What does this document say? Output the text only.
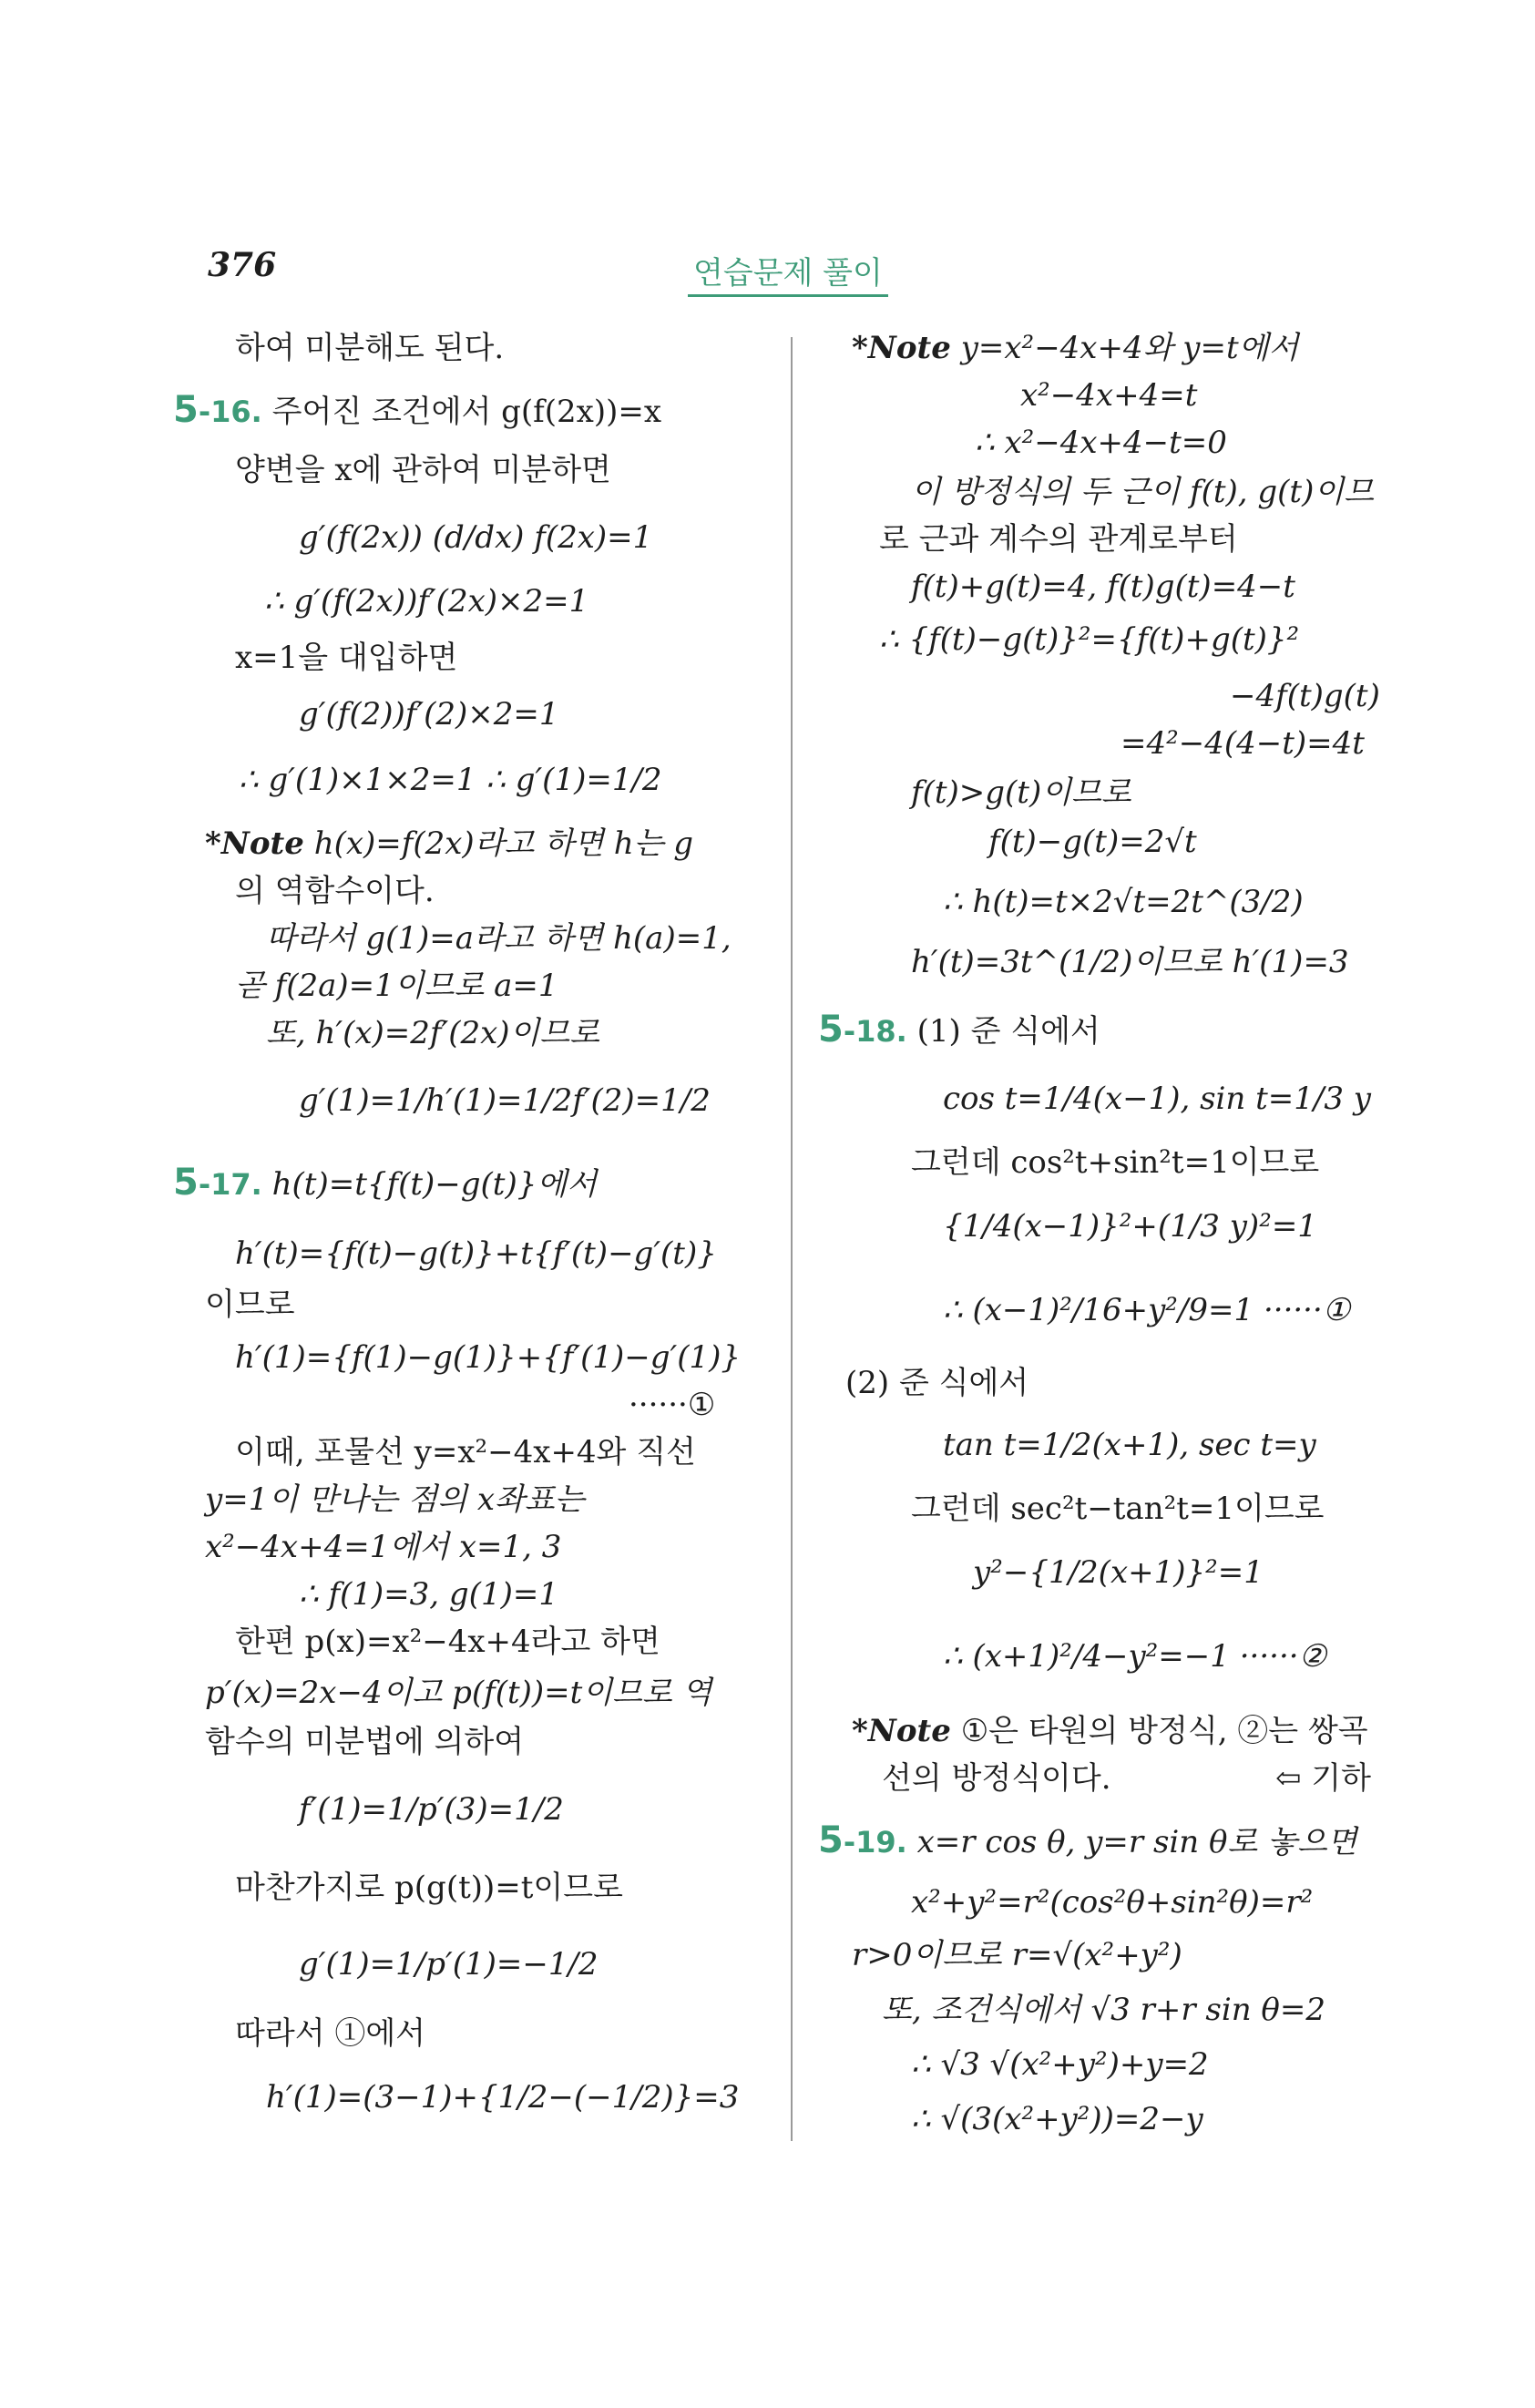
376	연습문제 풀이
하여 미분해도 된다.
5-16. 주어진 조건에서 g(f(2x))=x
양변을 x에 관하여 미분하면
g′(f(2x)) (d/dx) f(2x)=1
∴ g′(f(2x))f′(2x)×2=1
x=1을 대입하면
g′(f(2))f′(2)×2=1
∴ g′(1)×1×2=1 ∴ g′(1)=1/2
*Note h(x)=f(2x)라고 하면 h는 g
의 역함수이다.
따라서 g(1)=a라고 하면 h(a)=1,
곧 f(2a)=1이므로 a=1
또, h′(x)=2f′(2x)이므로
g′(1)=1/h′(1)=1/2f′(2)=1/2
5-17. h(t)=t{f(t)−g(t)}에서
h′(t)={f(t)−g(t)}+t{f′(t)−g′(t)}
이므로
h′(1)={f(1)−g(1)}+{f′(1)−g′(1)}
······①
이때, 포물선 y=x²−4x+4와 직선
y=1이 만나는 점의 x좌표는
x²−4x+4=1에서 x=1, 3
∴ f(1)=3, g(1)=1
한편 p(x)=x²−4x+4라고 하면
p′(x)=2x−4이고 p(f(t))=t이므로 역
함수의 미분법에 의하여
f′(1)=1/p′(3)=1/2
마찬가지로 p(g(t))=t이므로
g′(1)=1/p′(1)=−1/2
따라서 ①에서
h′(1)=(3−1)+{1/2−(−1/2)}=3
*Note y=x²−4x+4와 y=t에서
x²−4x+4=t
∴ x²−4x+4−t=0
이 방정식의 두 근이 f(t), g(t)이므
로 근과 계수의 관계로부터
f(t)+g(t)=4, f(t)g(t)=4−t
∴ {f(t)−g(t)}²={f(t)+g(t)}²
−4f(t)g(t)
=4²−4(4−t)=4t
f(t)>g(t)이므로
f(t)−g(t)=2√t
∴ h(t)=t×2√t=2t^(3/2)
h′(t)=3t^(1/2)이므로 h′(1)=3
5-18. (1) 준 식에서
cos t=1/4(x−1), sin t=1/3 y
그런데 cos²t+sin²t=1이므로
{1/4(x−1)}²+(1/3 y)²=1
∴ (x−1)²/16+y²/9=1 ······①
(2) 준 식에서
tan t=1/2(x+1), sec t=y
그런데 sec²t−tan²t=1이므로
y²−{1/2(x+1)}²=1
∴ (x+1)²/4−y²=−1 ······②
*Note ①은 타원의 방정식, ②는 쌍곡
선의 방정식이다.	⇦ 기하
5-19. x=r cos θ, y=r sin θ로 놓으면
x²+y²=r²(cos²θ+sin²θ)=r²
r>0이므로 r=√(x²+y²)
또, 조건식에서 √3 r+r sin θ=2
∴ √3 √(x²+y²)+y=2
∴ √(3(x²+y²))=2−y
